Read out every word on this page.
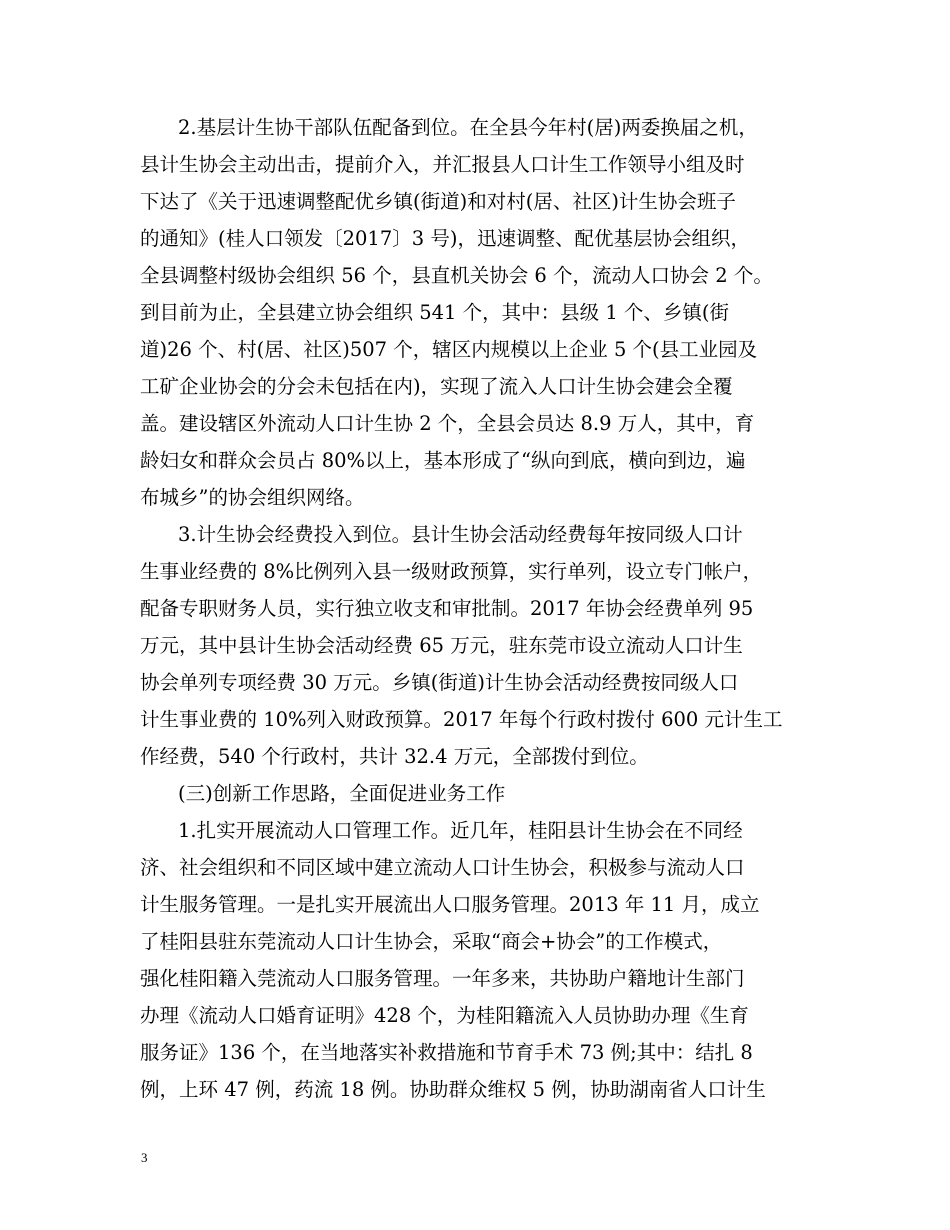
2.基层计生协干部队伍配备到位。在全县今年村(居)两委换届之机，
县计生协会主动出击，提前介入，并汇报县人口计生工作领导小组及时
下达了《关于迅速调整配优乡镇(街道)和对村(居、社区)计生协会班子
的通知》(桂人口领发〔2017〕3 号)，迅速调整、配优基层协会组织，
全县调整村级协会组织 56 个，县直机关协会 6 个，流动人口协会 2 个。
到目前为止，全县建立协会组织 541 个，其中：县级 1 个、乡镇(街
道)26 个、村(居、社区)507 个，辖区内规模以上企业 5 个(县工业园及
工矿企业协会的分会未包括在内)，实现了流入人口计生协会建会全覆
盖。建设辖区外流动人口计生协 2 个，全县会员达 8.9 万人，其中，育
龄妇女和群众会员占 80%以上，基本形成了“纵向到底，横向到边，遍
布城乡”的协会组织网络。
3.计生协会经费投入到位。县计生协会活动经费每年按同级人口计
生事业经费的 8%比例列入县一级财政预算，实行单列，设立专门帐户，
配备专职财务人员，实行独立收支和审批制。2017 年协会经费单列 95
万元，其中县计生协会活动经费 65 万元，驻东莞市设立流动人口计生
协会单列专项经费 30 万元。乡镇(街道)计生协会活动经费按同级人口
计生事业费的 10%列入财政预算。2017 年每个行政村拨付 600 元计生工
作经费，540 个行政村，共计 32.4 万元，全部拨付到位。
(三)创新工作思路，全面促进业务工作
1.扎实开展流动人口管理工作。近几年，桂阳县计生协会在不同经
济、社会组织和不同区域中建立流动人口计生协会，积极参与流动人口
计生服务管理。一是扎实开展流出人口服务管理。2013 年 11 月，成立
了桂阳县驻东莞流动人口计生协会，采取“商会+协会”的工作模式，
强化桂阳籍入莞流动人口服务管理。一年多来，共协助户籍地计生部门
办理《流动人口婚育证明》428 个，为桂阳籍流入人员协助办理《生育
服务证》136 个，在当地落实补救措施和节育手术 73 例;其中：结扎 8
例，上环 47 例，药流 18 例。协助群众维权 5 例，协助湖南省人口计生
3
